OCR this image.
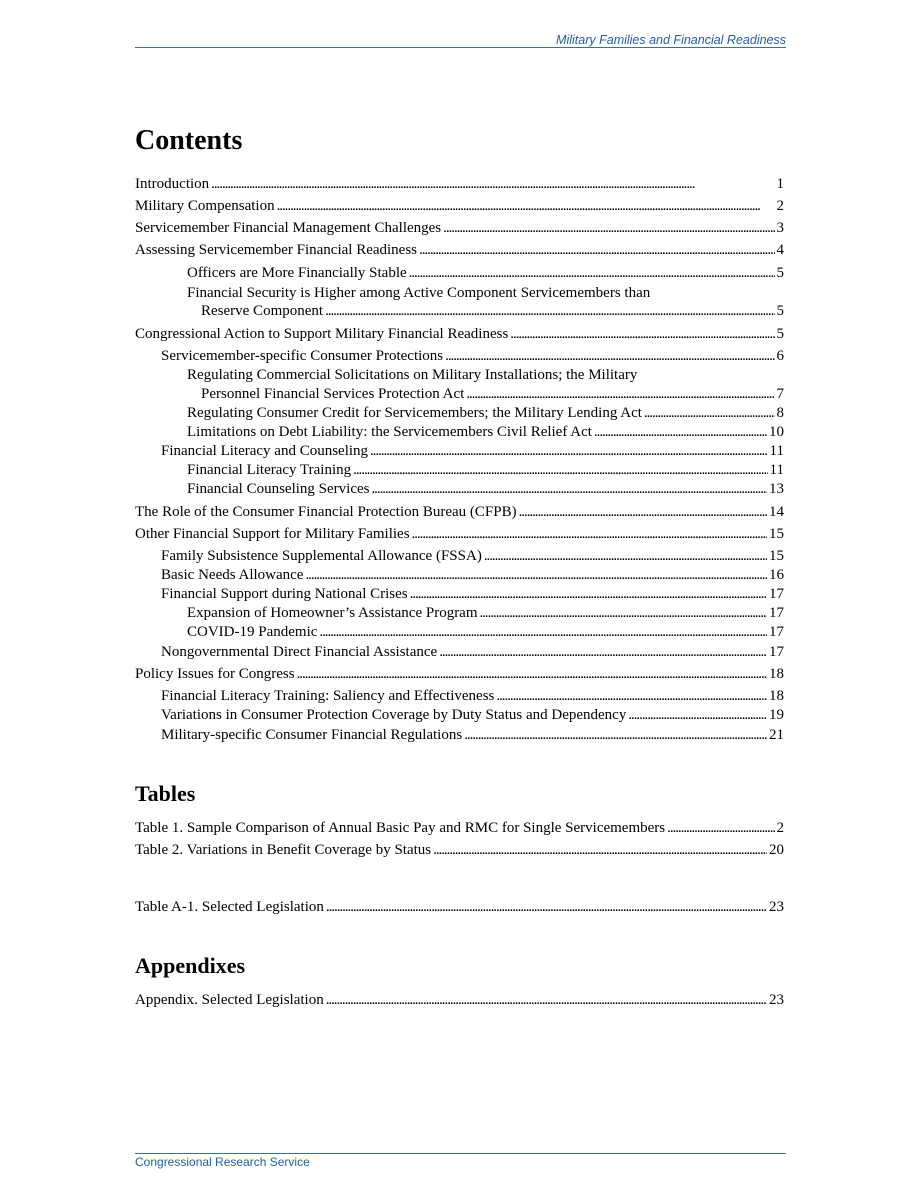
Military Families and Financial Readiness
Contents
Introduction . . .	1
Military Compensation . . .	2
Servicemember Financial Management Challenges . . .	3
Assessing Servicemember Financial Readiness . . .	4
Officers are More Financially Stable . . .	5
Financial Security is Higher among Active Component Servicemembers than
Reserve Component . . .	5
Congressional Action to Support Military Financial Readiness . . .	5
Servicemember-specific Consumer Protections . . .	6
Regulating Commercial Solicitations on Military Installations; the Military
Personnel Financial Services Protection Act . . .	7
Regulating Consumer Credit for Servicemembers; the Military Lending Act . . .	8
Limitations on Debt Liability: the Servicemembers Civil Relief Act . . .	10
Financial Literacy and Counseling . . .	11
Financial Literacy Training . . .	11
Financial Counseling Services . . .	13
The Role of the Consumer Financial Protection Bureau (CFPB) . . .	14
Other Financial Support for Military Families . . .	15
Family Subsistence Supplemental Allowance (FSSA) . . .	15
Basic Needs Allowance . . .	16
Financial Support during National Crises . . .	17
Expansion of Homeowner’s Assistance Program . . .	17
COVID-19 Pandemic . . .	17
Nongovernmental Direct Financial Assistance . . .	17
Policy Issues for Congress . . .	18
Financial Literacy Training: Saliency and Effectiveness . . .	18
Variations in Consumer Protection Coverage by Duty Status and Dependency . . .	19
Military-specific Consumer Financial Regulations . . .	21
Tables
Table 1. Sample Comparison of Annual Basic Pay and RMC for Single Servicemembers . . .	2
Table 2. Variations in Benefit Coverage by Status . . .	20
Table A-1. Selected Legislation . . .	23
Appendixes
Appendix. Selected Legislation . . .	23
Congressional Research Service
